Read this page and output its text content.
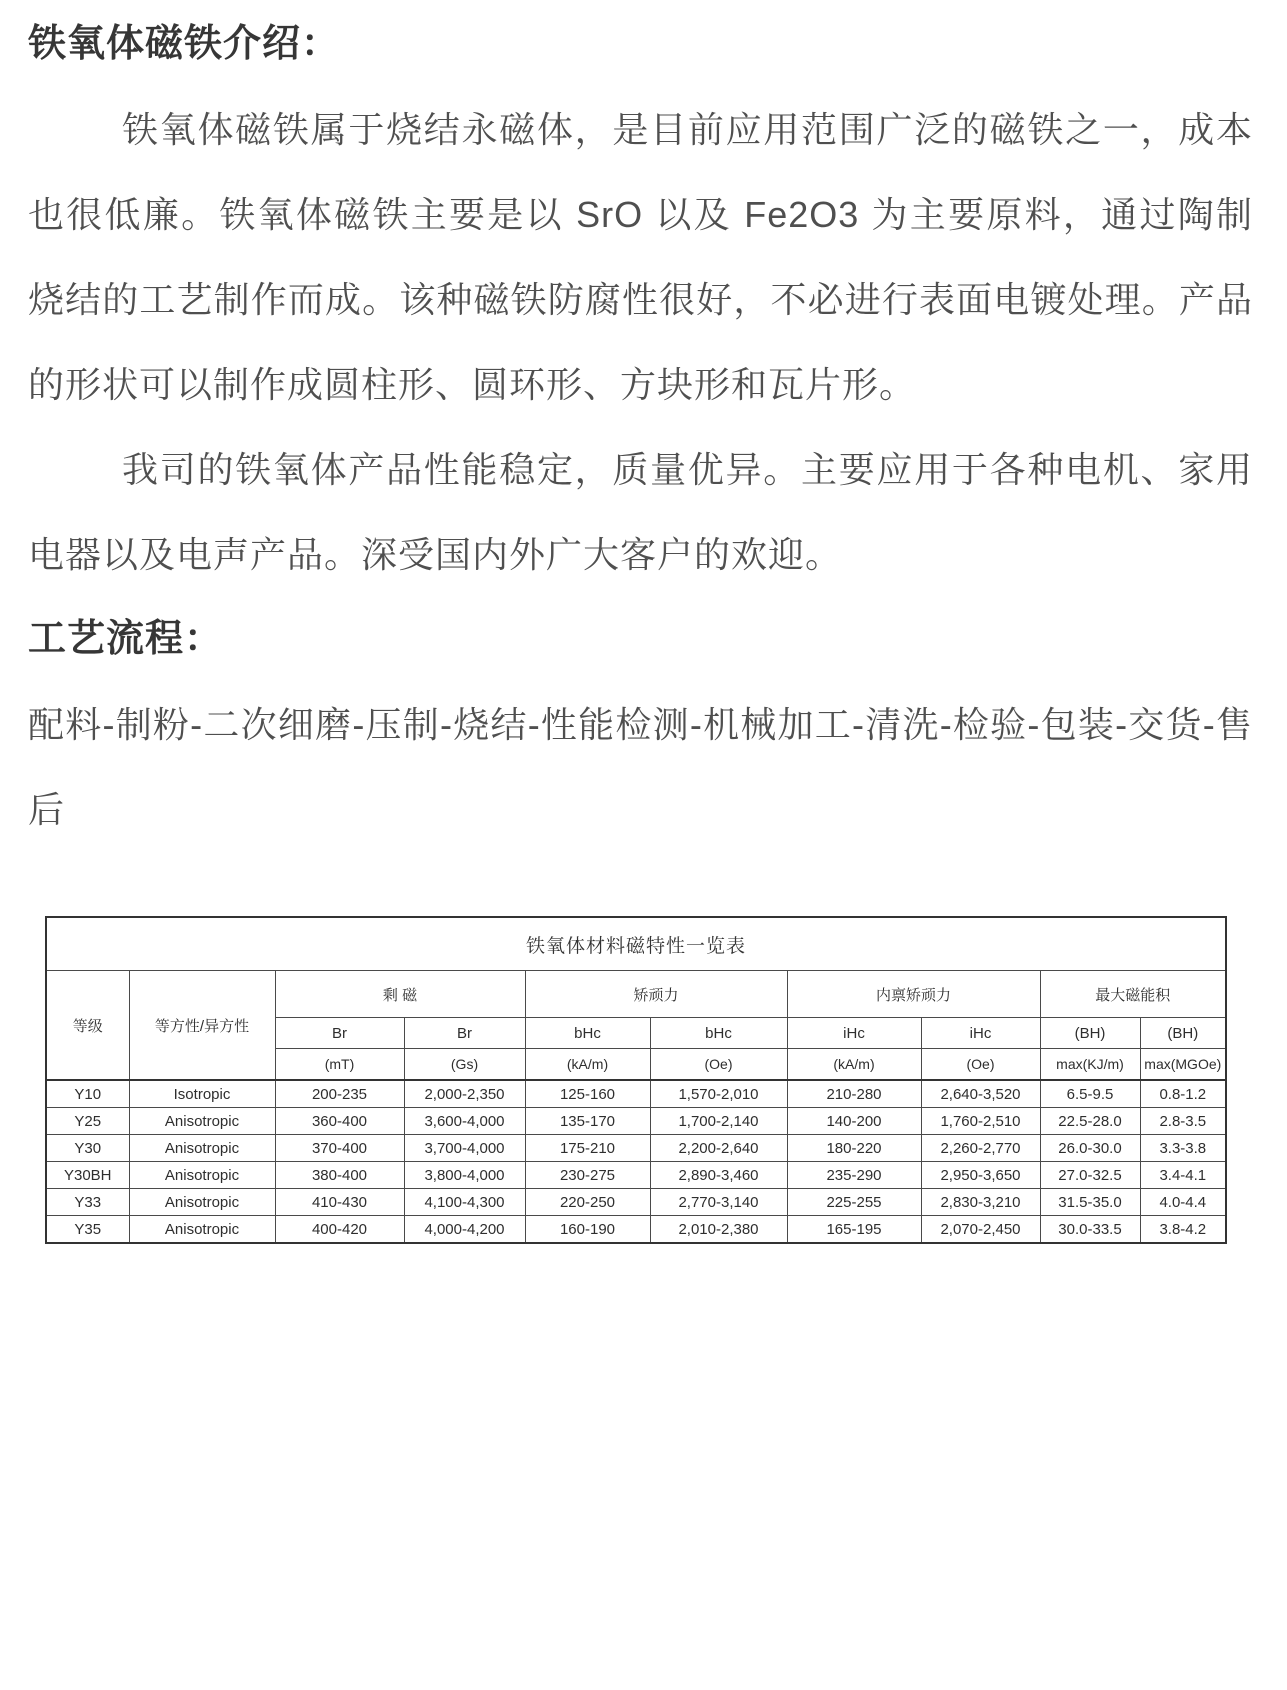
铁氧体磁铁介绍：

铁氧体磁铁属于烧结永磁体，是目前应用范围广泛的磁铁之一，成本也很低廉。铁氧体磁铁主要是以 SrO 以及 Fe2O3 为主要原料，通过陶制烧结的工艺制作而成。该种磁铁防腐性很好，不必进行表面电镀处理。产品的形状可以制作成圆柱形、圆环形、方块形和瓦片形。

我司的铁氧体产品性能稳定，质量优异。主要应用于各种电机、家用电器以及电声产品。深受国内外广大客户的欢迎。

工艺流程：

配料-制粉-二次细磨-压制-烧结-性能检测-机械加工-清洗-检验-包装-交货-售后

铁氧体材料磁特性一览表									
等级	等方性/异方性	剩 磁		矫顽力		内禀矫顽力		最大磁能积	
		Br	Br	bHc	bHc	iHc	iHc	(BH)	(BH)
		(mT)	(Gs)	(kA/m)	(Oe)	(kA/m)	(Oe)	max(KJ/m)	max(MGOe)
Y10	Isotropic	200-235	2,000-2,350	125-160	1,570-2,010	210-280	2,640-3,520	6.5-9.5	0.8-1.2
Y25	Anisotropic	360-400	3,600-4,000	135-170	1,700-2,140	140-200	1,760-2,510	22.5-28.0	2.8-3.5
Y30	Anisotropic	370-400	3,700-4,000	175-210	2,200-2,640	180-220	2,260-2,770	26.0-30.0	3.3-3.8
Y30BH	Anisotropic	380-400	3,800-4,000	230-275	2,890-3,460	235-290	2,950-3,650	27.0-32.5	3.4-4.1
Y33	Anisotropic	410-430	4,100-4,300	220-250	2,770-3,140	225-255	2,830-3,210	31.5-35.0	4.0-4.4
Y35	Anisotropic	400-420	4,000-4,200	160-190	2,010-2,380	165-195	2,070-2,450	30.0-33.5	3.8-4.2
